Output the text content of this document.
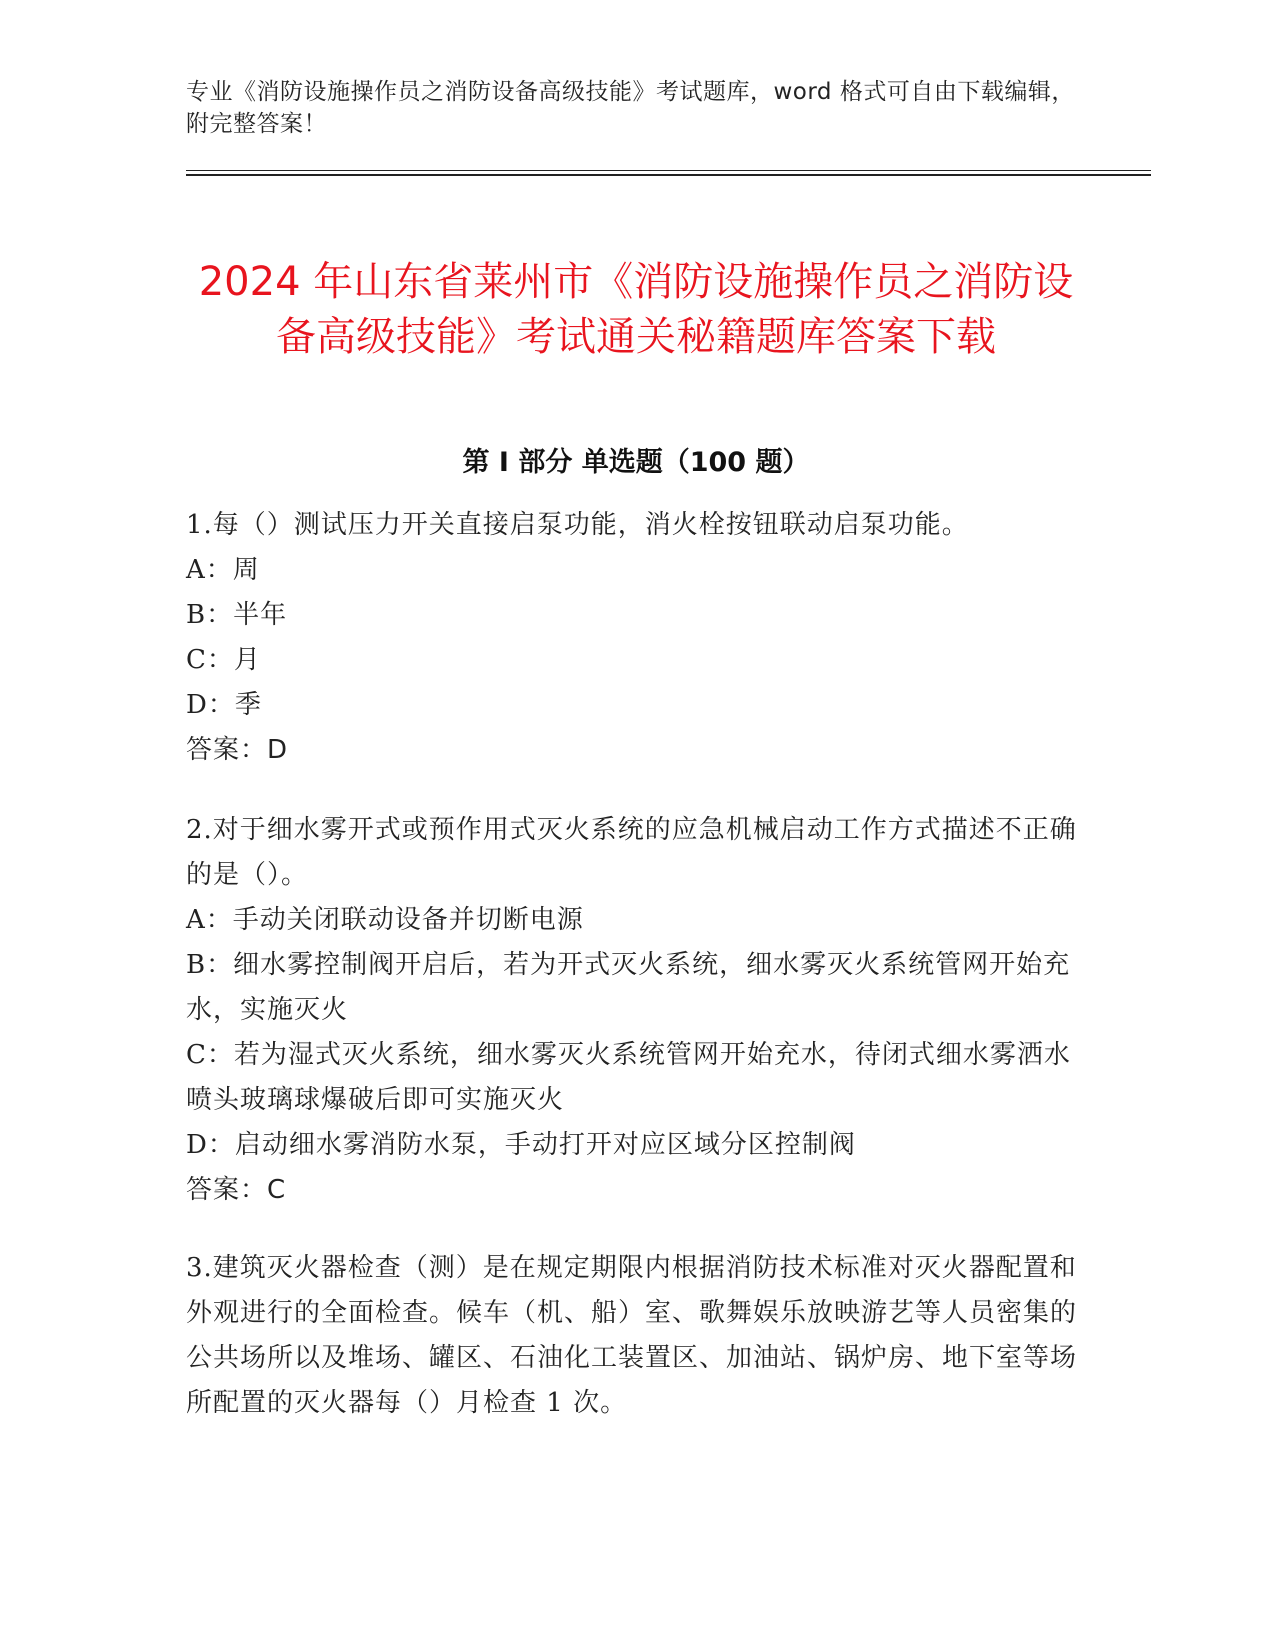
专业《消防设施操作员之消防设备高级技能》考试题库，word 格式可自由下载编辑，附完整答案！
2024 年山东省莱州市《消防设施操作员之消防设备高级技能》考试通关秘籍题库答案下载
第 I 部分 单选题（100 题）

1.每（）测试压力开关直接启泵功能，消火栓按钮联动启泵功能。

A：周

B：半年

C：月

D：季

答案：D

2.对于细水雾开式或预作用式灭火系统的应急机械启动工作方式描述不正确的是（）。

A：手动关闭联动设备并切断电源

B：细水雾控制阀开启后，若为开式灭火系统，细水雾灭火系统管网开始充水，实施灭火

C：若为湿式灭火系统，细水雾灭火系统管网开始充水，待闭式细水雾洒水喷头玻璃球爆破后即可实施灭火

D：启动细水雾消防水泵，手动打开对应区域分区控制阀

答案：C

3.建筑灭火器检查（测）是在规定期限内根据消防技术标准对灭火器配置和外观进行的全面检查。候车（机、船）室、歌舞娱乐放映游艺等人员密集的公共场所以及堆场、罐区、石油化工装置区、加油站、锅炉房、地下室等场所配置的灭火器每（）月检查 1 次。
